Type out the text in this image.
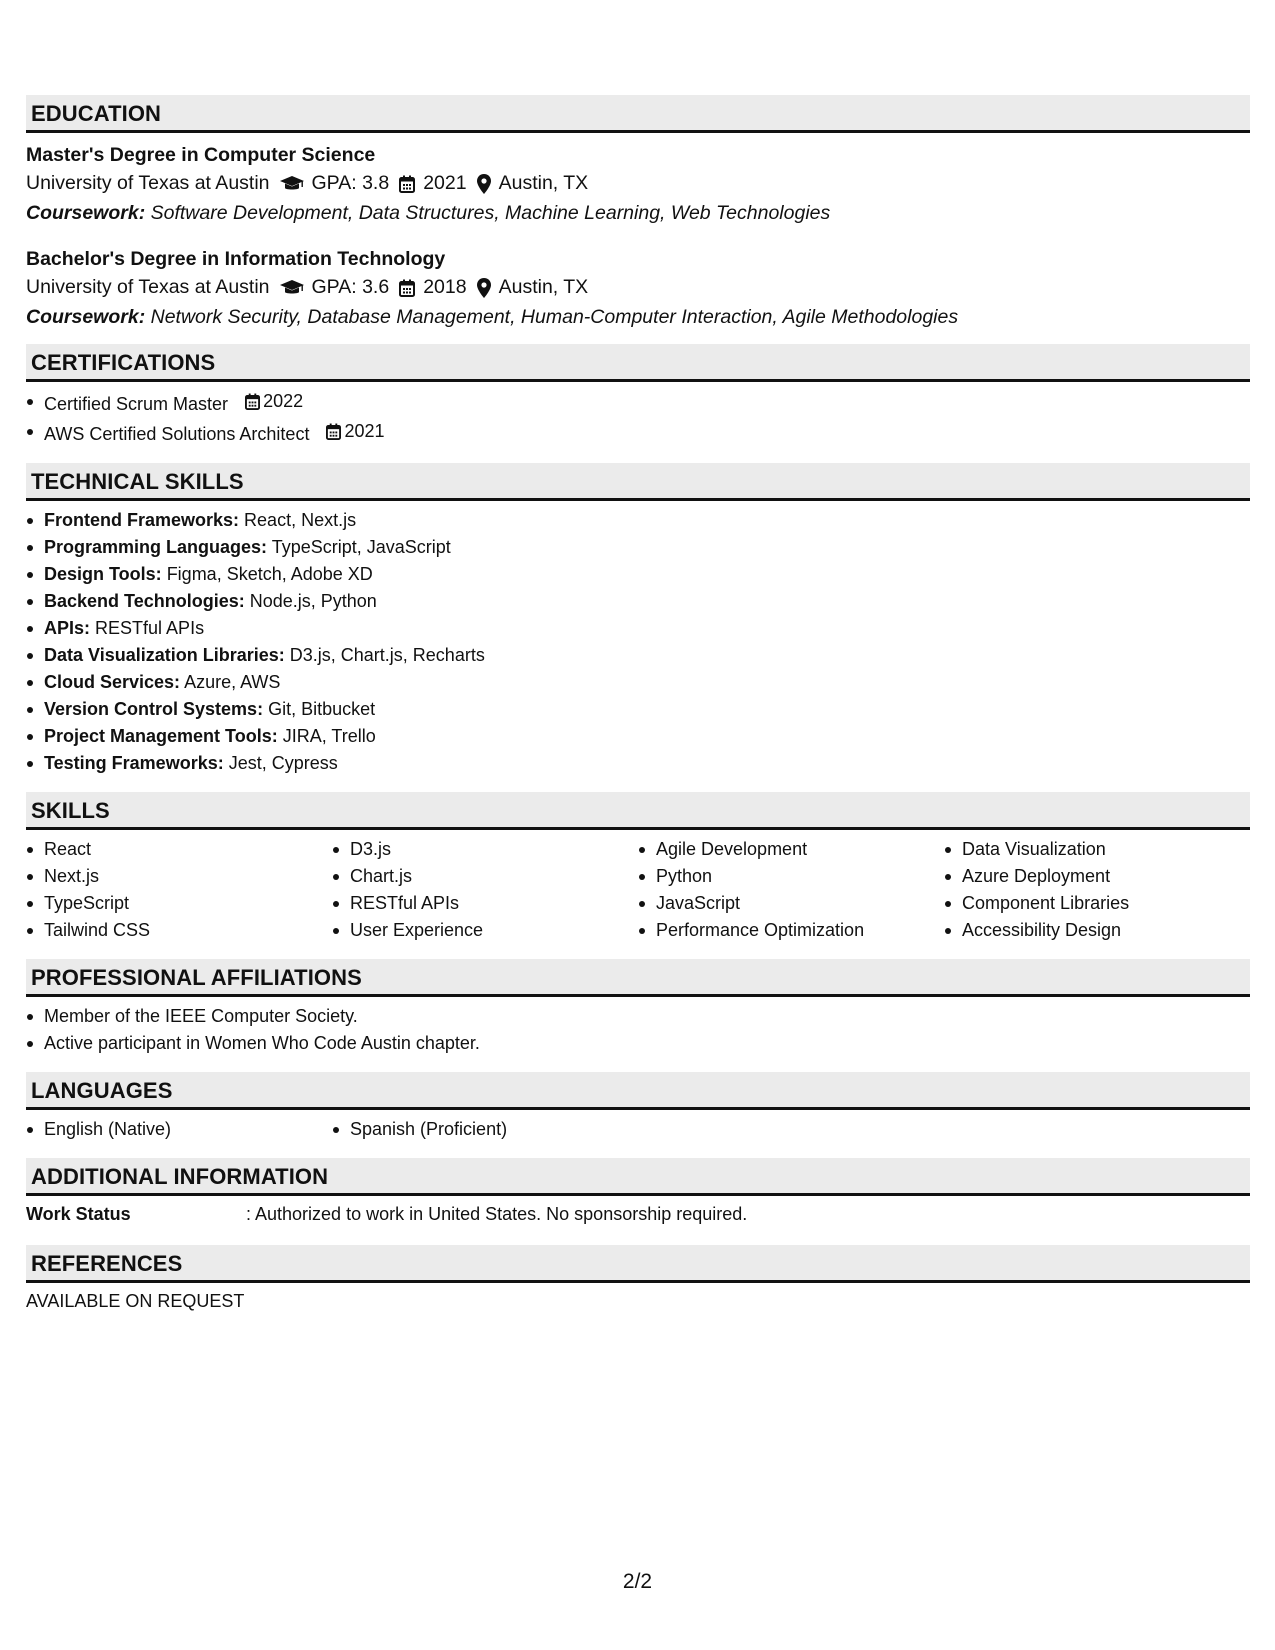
EDUCATION
Master's Degree in Computer Science
University of Texas at Austin GPA: 3.8 2021 Austin, TX
Coursework: Software Development, Data Structures, Machine Learning, Web Technologies
Bachelor's Degree in Information Technology
University of Texas at Austin GPA: 3.6 2018 Austin, TX
Coursework: Network Security, Database Management, Human-Computer Interaction, Agile Methodologies
CERTIFICATIONS
Certified Scrum Master 2022
AWS Certified Solutions Architect 2021
TECHNICAL SKILLS
Frontend Frameworks: React, Next.js
Programming Languages: TypeScript, JavaScript
Design Tools: Figma, Sketch, Adobe XD
Backend Technologies: Node.js, Python
APIs: RESTful APIs
Data Visualization Libraries: D3.js, Chart.js, Recharts
Cloud Services: Azure, AWS
Version Control Systems: Git, Bitbucket
Project Management Tools: JIRA, Trello
Testing Frameworks: Jest, Cypress
SKILLS
React
Next.js
TypeScript
Tailwind CSS
D3.js
Chart.js
RESTful APIs
User Experience
Agile Development
Python
JavaScript
Performance Optimization
Data Visualization
Azure Deployment
Component Libraries
Accessibility Design
PROFESSIONAL AFFILIATIONS
Member of the IEEE Computer Society.
Active participant in Women Who Code Austin chapter.
LANGUAGES
English (Native)	Spanish (Proficient)
ADDITIONAL INFORMATION
Work Status	: Authorized to work in United States. No sponsorship required.
REFERENCES
AVAILABLE ON REQUEST
2/2
